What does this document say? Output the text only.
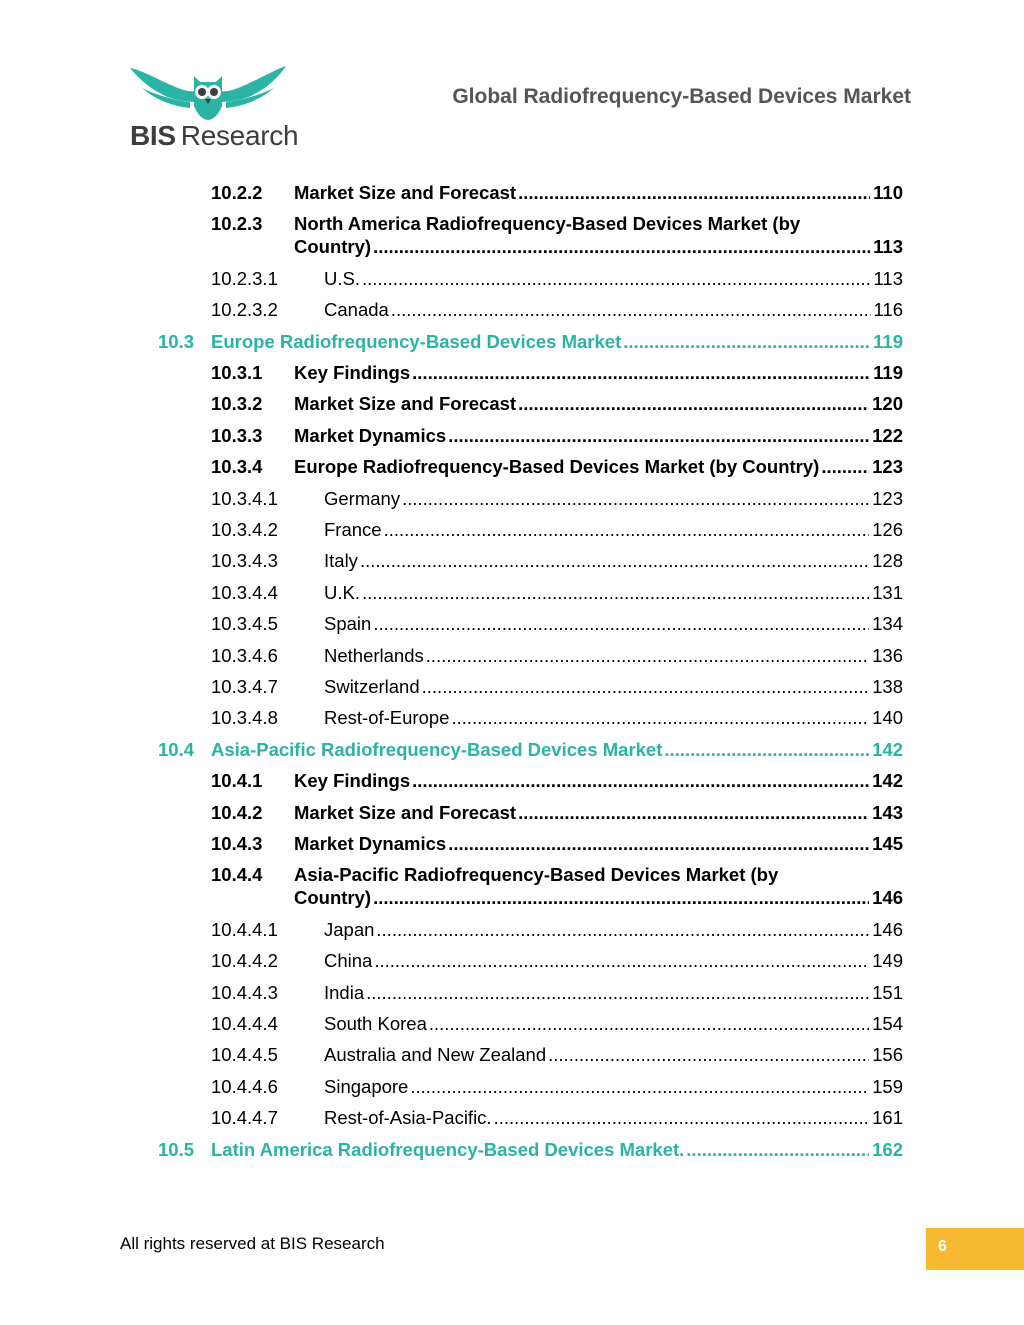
BIS Research
Global Radiofrequency-Based Devices Market
10.2.2 Market Size and Forecast .....	110
10.2.3 North America Radiofrequency-Based Devices Market (by
Country) .....	113
10.2.3.1 U.S. .....	113
10.2.3.2 Canada .....	116
10.3 Europe Radiofrequency-Based Devices Market .....	119
10.3.1 Key Findings .....	119
10.3.2 Market Size and Forecast .....	120
10.3.3 Market Dynamics .....	122
10.3.4 Europe Radiofrequency-Based Devices Market (by Country) .....	123
10.3.4.1 Germany .....	123
10.3.4.2 France .....	126
10.3.4.3 Italy .....	128
10.3.4.4 U.K. .....	131
10.3.4.5 Spain .....	134
10.3.4.6 Netherlands .....	136
10.3.4.7 Switzerland .....	138
10.3.4.8 Rest-of-Europe .....	140
10.4 Asia-Pacific Radiofrequency-Based Devices Market .....	142
10.4.1 Key Findings .....	142
10.4.2 Market Size and Forecast .....	143
10.4.3 Market Dynamics .....	145
10.4.4 Asia-Pacific Radiofrequency-Based Devices Market (by
Country) .....	146
10.4.4.1 Japan .....	146
10.4.4.2 China .....	149
10.4.4.3 India .....	151
10.4.4.4 South Korea .....	154
10.4.4.5 Australia and New Zealand .....	156
10.4.4.6 Singapore .....	159
10.4.4.7 Rest-of-Asia-Pacific. .....	161
10.5 Latin America Radiofrequency-Based Devices Market. .....	162
All rights reserved at BIS Research	6
